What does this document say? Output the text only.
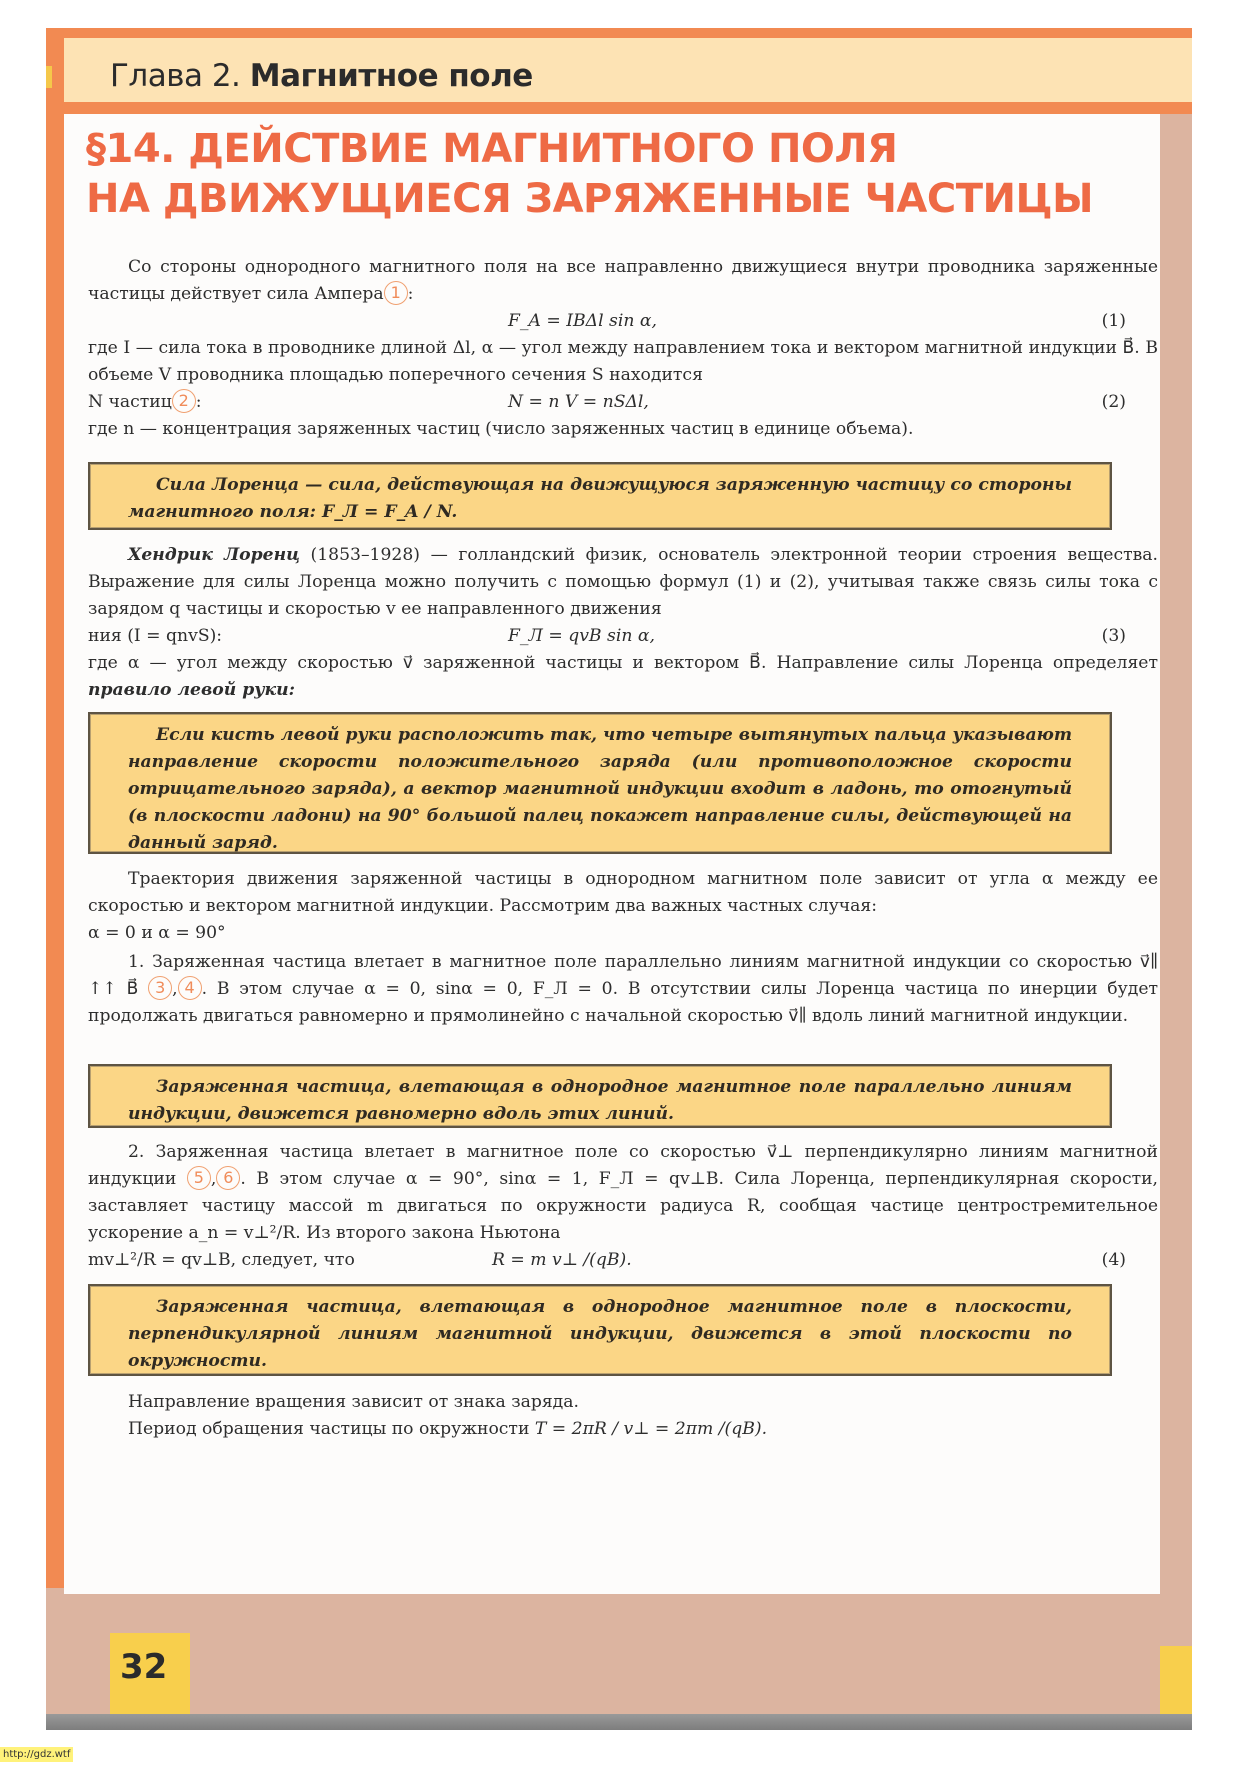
Глава 2. Магнитное поле
§14. ДЕЙСТВИЕ МАГНИТНОГО ПОЛЯ
НА ДВИЖУЩИЕСЯ ЗАРЯЖЕННЫЕ ЧАСТИЦЫ
Со стороны однородного магнитного поля на все направленно движущиеся внутри проводника заряженные частицы действует сила Ампера 1 :
F_A = IBΔl sin α,	(1)
где I — сила тока в проводнике длиной Δl, α — угол между направлением тока и вектором магнитной индукции B⃗. В объеме V проводника площадью поперечного сечения S находится
N частиц 2 :	N = n V = nSΔl,	(2)
где n — концентрация заряженных частиц (число заряженных частиц в единице объема).
Сила Лоренца — сила, действующая на движущуюся заряженную частицу со стороны магнитного поля: F_Л = F_A / N.
Хендрик Лоренц (1853–1928) — голландский физик, основатель электронной теории строения вещества. Выражение для силы Лоренца можно получить с помощью формул (1) и (2), учитывая также связь силы тока с зарядом q частицы и скоростью v ее направленного движения
ния (I = qnvS):	F_Л = qvB sin α,	(3)
где α — угол между скоростью v⃗ заряженной частицы и вектором B⃗. Направление силы Лоренца определяет правило левой руки:
Если кисть левой руки расположить так, что четыре вытянутых пальца указывают направление скорости положительного заряда (или противоположное скорости отрицательного заряда), а вектор магнитной индукции входит в ладонь, то отогнутый (в плоскости ладони) на 90° большой палец покажет направление силы, действующей на данный заряд.
Траектория движения заряженной частицы в однородном магнитном поле зависит от угла α между ее скоростью и вектором магнитной индукции. Рассмотрим два важных частных случая:
α = 0 и α = 90°
1. Заряженная частица влетает в магнитное поле параллельно линиям магнитной индукции со скоростью v⃗∥ ↑↑ B⃗ 3 , 4 . В этом случае α = 0, sinα = 0, F_Л = 0. В отсутствии силы Лоренца частица по инерции будет продолжать двигаться равномерно и прямолинейно с начальной скоростью v⃗∥ вдоль линий магнитной индукции.
Заряженная частица, влетающая в однородное магнитное поле параллельно линиям индукции, движется равномерно вдоль этих линий.
2. Заряженная частица влетает в магнитное поле со скоростью v⃗⊥ перпендикулярно линиям магнитной индукции 5 , 6 . В этом случае α = 90°, sinα = 1, F_Л = qv⊥B. Сила Лоренца, перпендикулярная скорости, заставляет частицу массой m двигаться по окружности радиуса R, сообщая частице центростремительное ускорение a_n = v⊥²/R. Из второго закона Ньютона
mv⊥²/R = qv⊥B, следует, что	R = m v⊥ /(qB).	(4)
Заряженная частица, влетающая в однородное магнитное поле в плоскости, перпендикулярной линиям магнитной индукции, движется в этой плоскости по окружности.
Направление вращения зависит от знака заряда.
Период обращения частицы по окружности T = 2πR / v⊥ = 2πm /(qB).
32
http://gdz.wtf
